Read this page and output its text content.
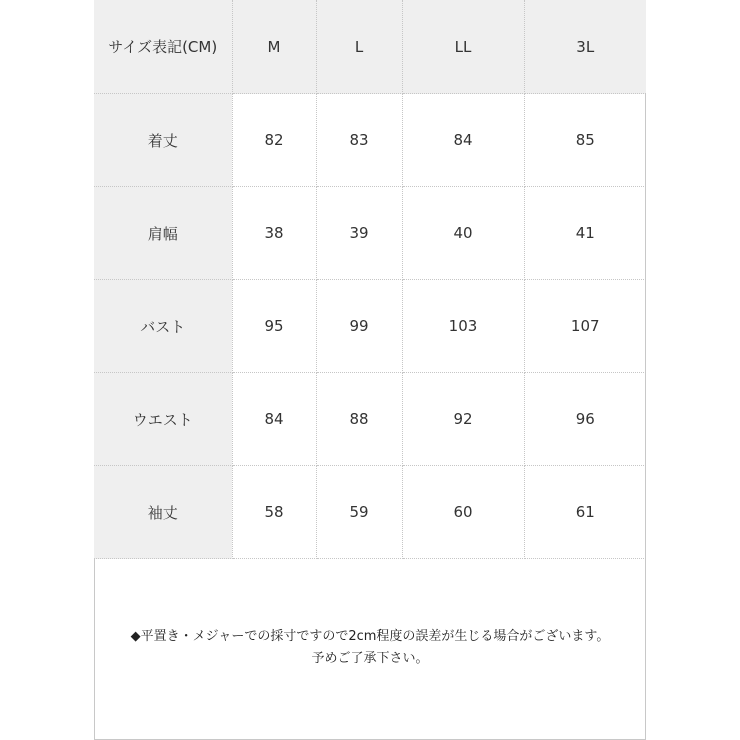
サイズ表記(CM)	M	L	LL	3L
着丈	82	83	84	85
肩幅	38	39	40	41
バスト	95	99	103	107
ウエスト	84	88	92	96
袖丈	58	59	60	61
◆平置き・メジャーでの採寸ですので2cm程度の誤差が生じる場合がございます。
予めご了承下さい。
